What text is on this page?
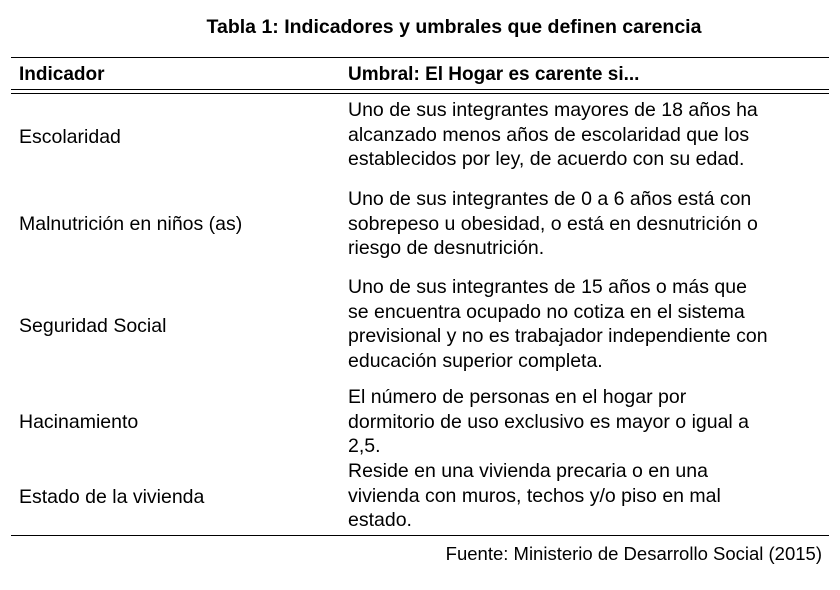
Tabla 1: Indicadores y umbrales que definen carencia
Indicador	Umbral: El Hogar es carente si...
Escolaridad
Uno de sus integrantes mayores de 18 años ha
alcanzado menos años de escolaridad que los
establecidos por ley, de acuerdo con su edad.
Malnutrición en niños (as)
Uno de sus integrantes de 0 a 6 años está con
sobrepeso u obesidad, o está en desnutrición o
riesgo de desnutrición.
Seguridad Social
Uno de sus integrantes de 15 años o más que
se encuentra ocupado no cotiza en el sistema
previsional y no es trabajador independiente con
educación superior completa.
Hacinamiento
El número de personas en el hogar por
dormitorio de uso exclusivo es mayor o igual a
2,5.
Estado de la vivienda
Reside en una vivienda precaria o en una
vivienda con muros, techos y/o piso en mal
estado.
Fuente: Ministerio de Desarrollo Social (2015)
